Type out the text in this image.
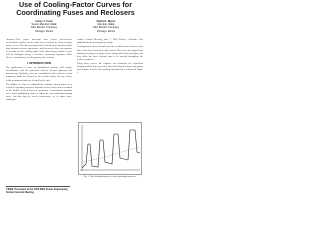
Use of Cooling-Factor Curves for
Coordinating Fuses and Reclosers
Carey J. Cook
Senior Member, IEEE
S&C Electric Company
Chicago, Illinois
David G. Myers
Member, IEEE
S&C Electric Company
Chicago, Illinois

Abstract—This paper describes how power fuse/recloser coordination studies can be made more accurate by using cooling-factor curves. The data presented show that the fuse elements retain heat between recloser operations, and the curves allow the engineer to account for this heating effect when determining whether a fuse will be damaged during a recloser's operating sequence. Index Terms—coordination, cooling factor, fuse, recloser.

I. INTRODUCTION

The application of fuses on distribution systems will require coordination with the protective devices located upstream and downstream. Typically, fuses are coordinated with reclosers so that temporary faults are cleared by the recloser before the fuse melts, while permanent faults are cleared by the fuse.

The ability of a fuse to withstand the multiple current pulses of a recloser's operating sequence depends on how much heat is retained in the fusible element between operations. Conventional methods use a fixed multiplying factor to adjust the fuse minimum-melting curve, but this may be overly conservative or, in some cases, inadequate.

Author Council Meeting, June 7, 2005 Denver, Colorado. Also published in the meeting proceedings.

Cooling-factor curves describe the rate at which a fuse element cools after it has been heated by fault current. They were developed from laboratory testing of a range of fuse ratings and element designs, and they allow the fuse's thermal state to be tracked throughout the recloser sequence.

Using these curves, the engineer can determine the equivalent heating produced by successive fast and delayed recloser operations and compare it to the fuse melting characteristic, as shown in Figure 1.

Fig. 1. Fuse heating during a recloser operating sequence.
©IEEE. Presented at the 2005 IEEE Power Engineering
Society General Meeting
